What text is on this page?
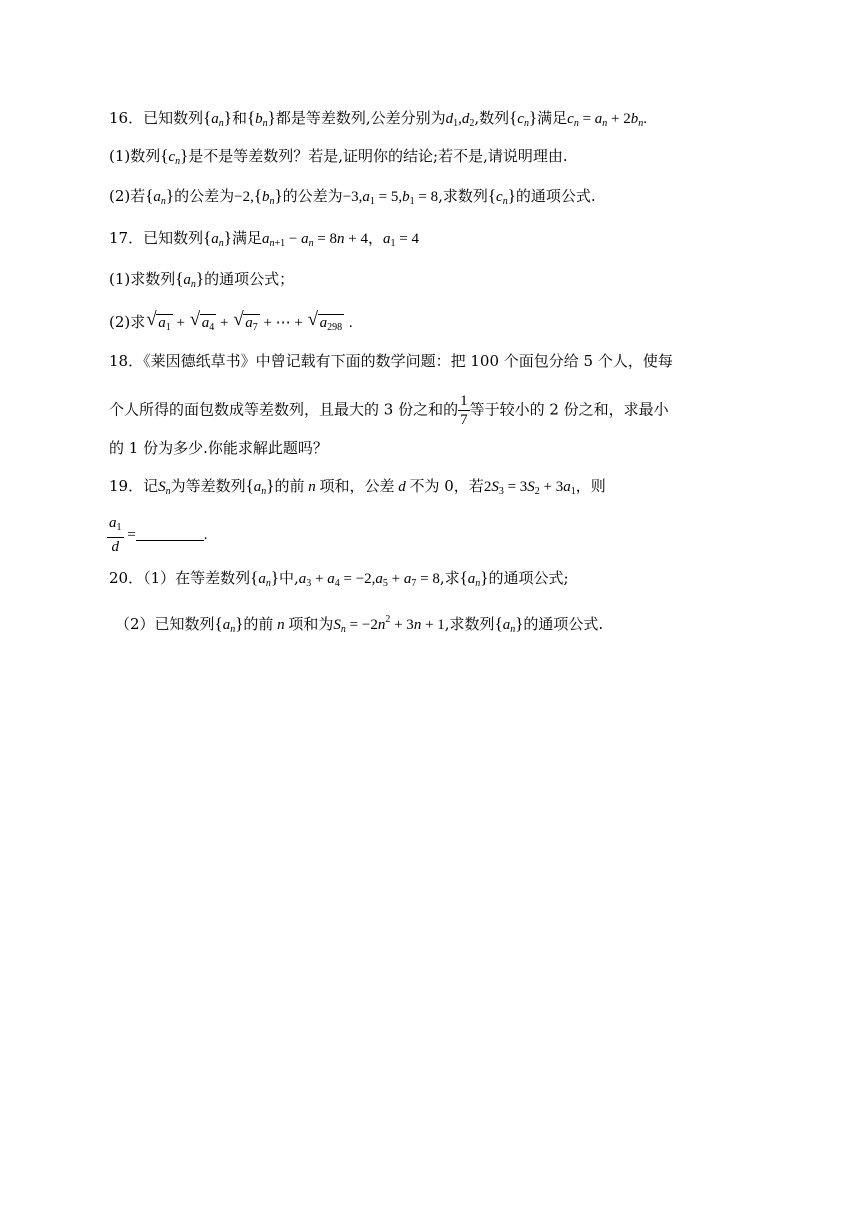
16．已知数列$\{a_n\}$和$\{b_n\}$都是等差数列,公差分别为$d_1,d_2$,数列$\{c_n\}$满足$c_n = a_n + 2b_n$.
(1)数列$\{c_n\}$是不是等差数列？若是,证明你的结论;若不是,请说明理由.
(2)若$\{a_n\}$的公差为$-2,\{b_n\}$的公差为$-3,a_1 = 5,b_1 = 8$,求数列$\{c_n\}$的通项公式.
17．已知数列$\{a_n\}$满足$a_{n+1} - a_n = 8n + 4$，$a_1 = 4$
(1)求数列$\{a_n\}$的通项公式；
(2)求 √ $a_1$ + √ $a_4$ + √ $a_7$ + ⋯ + √ $a_{298}$ .
18．《莱因德纸草书》中曾记载有下面的数学问题：把 100 个面包分给 5 个人，使每
个人所得的面包数成等差数列，且最大的 3 份之和的 $\frac{1}{7}$ 等于较小的 2 份之和，求最小
的 1 份为多少.你能求解此题吗？
19．记$S_n$为等差数列$\{a_n\}$的前 n 项和，公差 d 不为 0，若$2S_3 = 3S_2 + 3a_1$，则
$\frac{a_1}{d}$ =	.
20．（1）在等差数列$\{a_n\}$中$,a_3 + a_4 = -2,a_5 + a_7 = 8$,求$\{a_n\}$的通项公式;
（2）已知数列$\{a_n\}$的前 n 项和为$S_n = -2n^2 + 3n + 1$,求数列$\{a_n\}$的通项公式.
